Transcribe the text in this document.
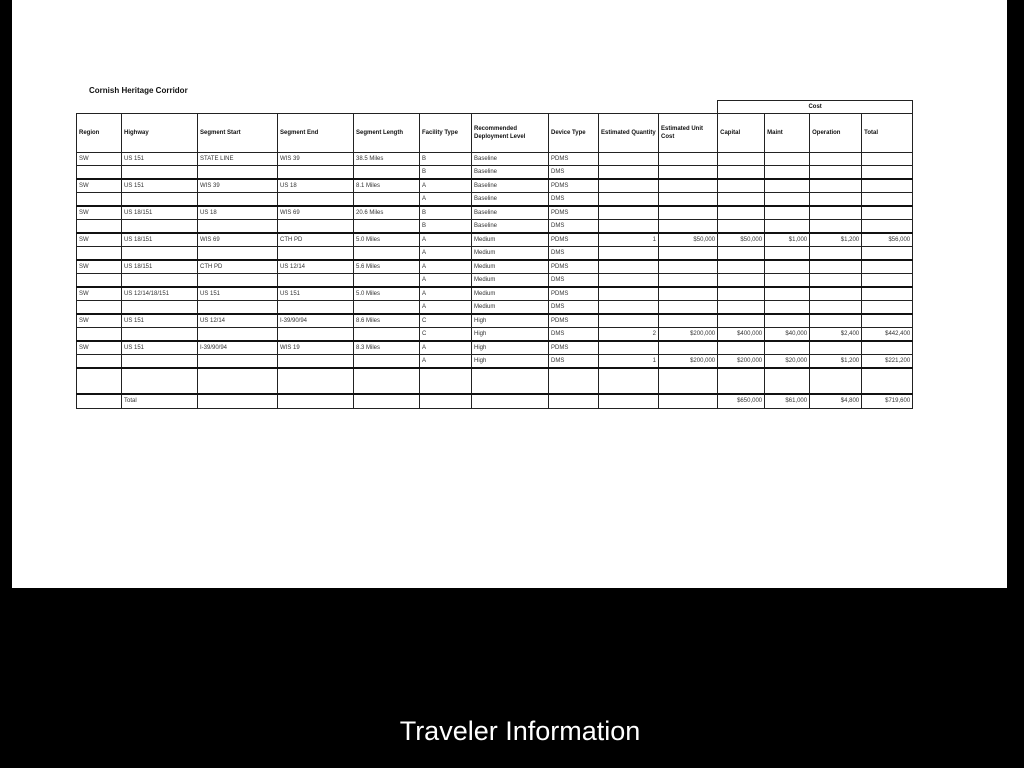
Cornish Heritage Corridor
										Cost			
Region	Highway	Segment Start	Segment End	Segment Length	Facility Type	Recommended Deployment Level	Device Type	Estimated Quantity	Estimated Unit Cost	Capital	Maint	Operation	Total
SW	US 151	STATE LINE	WIS 39	38.5 Miles	B	Baseline	PDMS						
					B	Baseline	DMS						
SW	US 151	WIS 39	US 18	8.1 Miles	A	Baseline	PDMS						
					A	Baseline	DMS						
SW	US 18/151	US 18	WIS 69	20.6 Miles	B	Baseline	PDMS						
					B	Baseline	DMS						
SW	US 18/151	WIS 69	CTH PD	5.0 Miles	A	Medium	PDMS	1	$50,000	$50,000	$1,000	$1,200	$56,000
					A	Medium	DMS						
SW	US 18/151	CTH PD	US 12/14	5.6 Miles	A	Medium	PDMS						
					A	Medium	DMS						
SW	US 12/14/18/151	US 151	US 151	5.0 Miles	A	Medium	PDMS						
					A	Medium	DMS						
SW	US 151	US 12/14	I-39/90/94	8.6 Miles	C	High	PDMS						
					C	High	DMS	2	$200,000	$400,000	$40,000	$2,400	$442,400
SW	US 151	I-39/90/94	WIS 19	8.3 Miles	A	High	PDMS						
					A	High	DMS	1	$200,000	$200,000	$20,000	$1,200	$221,200

	Total									$650,000	$61,000	$4,800	$719,600
Traveler Information
